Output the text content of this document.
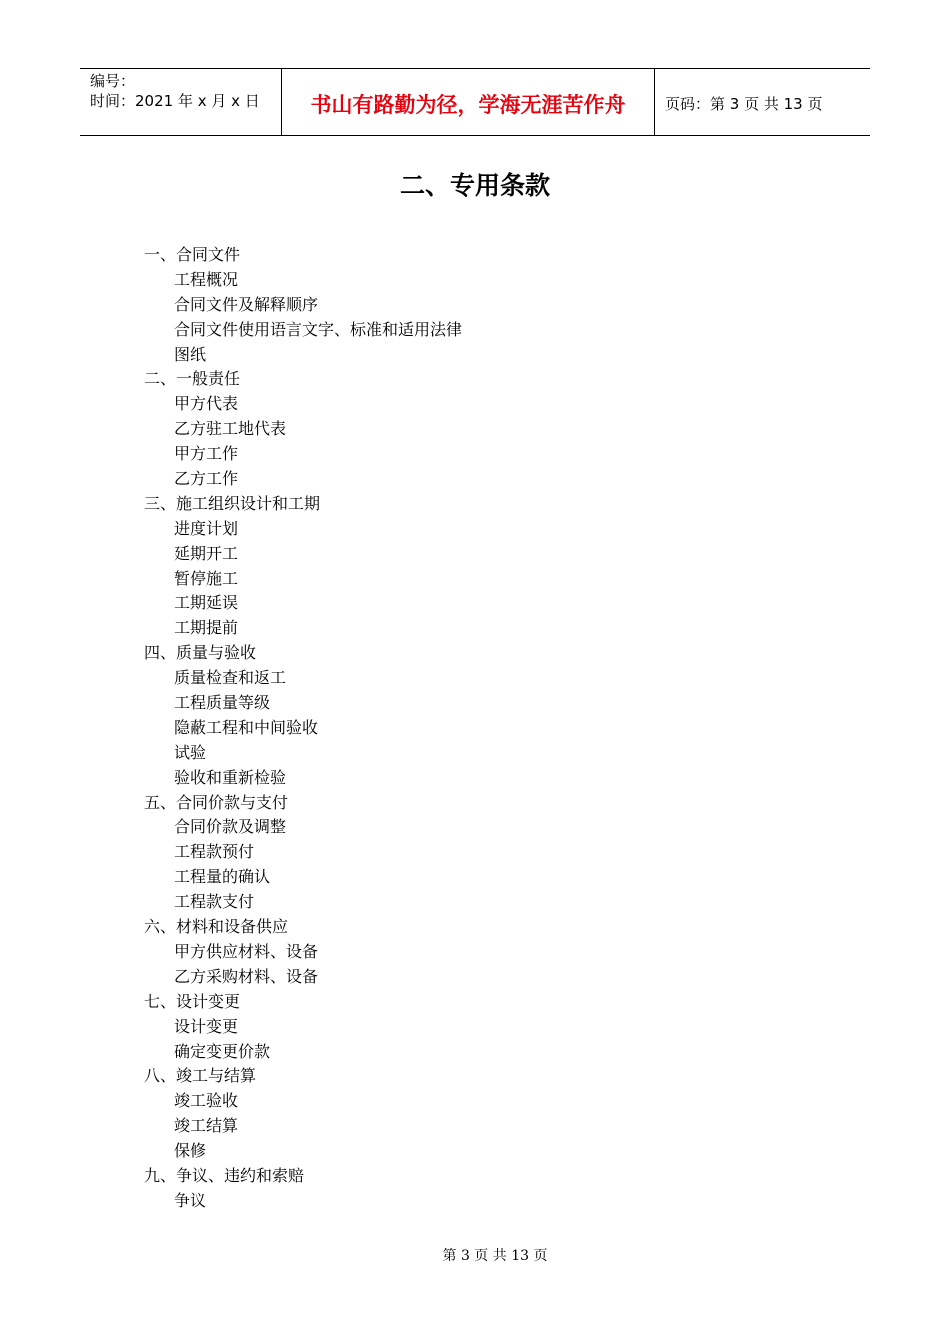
编号：
时间：2021 年 x 月 x 日	书山有路勤为径，学海无涯苦作舟	页码：第 3 页 共 13 页
二、专用条款
一、合同文件
工程概况
合同文件及解释顺序
合同文件使用语言文字、标准和适用法律
图纸
二、一般责任
甲方代表
乙方驻工地代表
甲方工作
乙方工作
三、施工组织设计和工期
进度计划
延期开工
暂停施工
工期延误
工期提前
四、质量与验收
质量检查和返工
工程质量等级
隐蔽工程和中间验收
试验
验收和重新检验
五、合同价款与支付
合同价款及调整
工程款预付
工程量的确认
工程款支付
六、材料和设备供应
甲方供应材料、设备
乙方采购材料、设备
七、设计变更
设计变更
确定变更价款
八、竣工与结算
竣工验收
竣工结算
保修
九、争议、违约和索赔
争议
第 3 页 共 13 页
